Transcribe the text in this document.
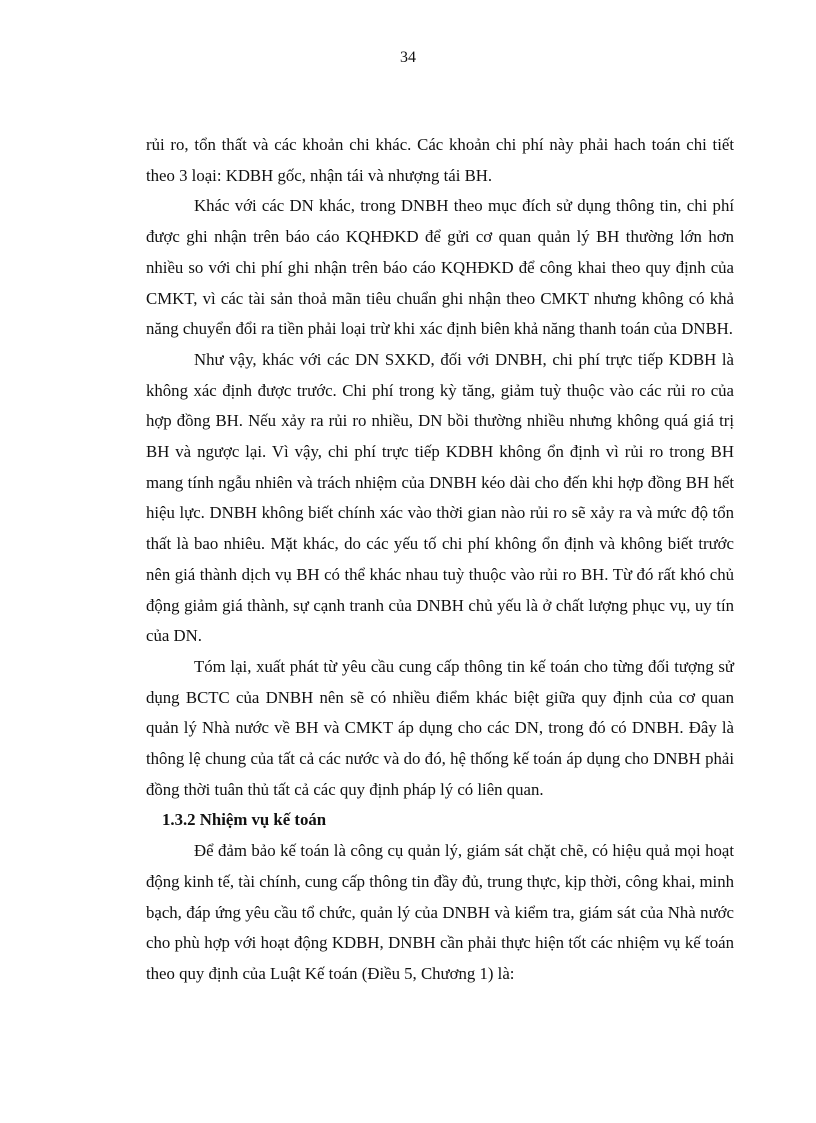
34

rủi ro, tổn thất và các khoản chi khác. Các khoản chi phí này phải hach toán chi tiết theo 3 loại: KDBH gốc, nhận tái và nhượng tái BH.

Khác với các DN khác, trong DNBH theo mục đích sử dụng thông tin, chi phí được ghi nhận trên báo cáo KQHĐKD để gửi cơ quan quản lý BH thường lớn hơn nhiều so với chi phí ghi nhận trên báo cáo KQHĐKD để công khai theo quy định của CMKT, vì các tài sản thoả mãn tiêu chuẩn ghi nhận theo CMKT nhưng không có khả năng chuyển đổi ra tiền phải loại trừ khi xác định biên khả năng thanh toán của DNBH.

Như vậy, khác với các DN SXKD, đối với DNBH, chi phí trực tiếp KDBH là không xác định được trước. Chi phí trong kỳ tăng, giảm tuỳ thuộc vào các rủi ro của hợp đồng BH. Nếu xảy ra rủi ro nhiều, DN bồi thường nhiều nhưng không quá giá trị BH và ngược lại. Vì vậy, chi phí trực tiếp KDBH không ổn định vì rủi ro trong BH mang tính ngẫu nhiên và trách nhiệm của DNBH kéo dài cho đến khi hợp đồng BH hết hiệu lực. DNBH không biết chính xác vào thời gian nào rủi ro sẽ xảy ra và mức độ tổn thất là bao nhiêu. Mặt khác, do các yếu tố chi phí không ổn định và không biết trước nên giá thành dịch vụ BH có thể khác nhau tuỳ thuộc vào rủi ro BH. Từ đó rất khó chủ động giảm giá thành, sự cạnh tranh của DNBH chủ yếu là ở chất lượng phục vụ, uy tín của DN.

Tóm lại, xuất phát từ yêu cầu cung cấp thông tin kế toán cho từng đối tượng sử dụng BCTC của DNBH nên sẽ có nhiều điểm khác biệt giữa quy định của cơ quan quản lý Nhà nước về BH và CMKT áp dụng cho các DN, trong đó có DNBH. Đây là thông lệ chung của tất cả các nước và do đó, hệ thống kế toán áp dụng cho DNBH phải đồng thời tuân thủ tất cả các quy định pháp lý có liên quan.

1.3.2 Nhiệm vụ kế toán

Để đảm bảo kế toán là công cụ quản lý, giám sát chặt chẽ, có hiệu quả mọi hoạt động kinh tế, tài chính, cung cấp thông tin đầy đủ, trung thực, kịp thời, công khai, minh bạch, đáp ứng yêu cầu tổ chức, quản lý của DNBH và kiểm tra, giám sát của Nhà nước cho phù hợp với hoạt động KDBH, DNBH cần phải thực hiện tốt các nhiệm vụ kế toán theo quy định của Luật Kế toán (Điều 5, Chương 1) là:
